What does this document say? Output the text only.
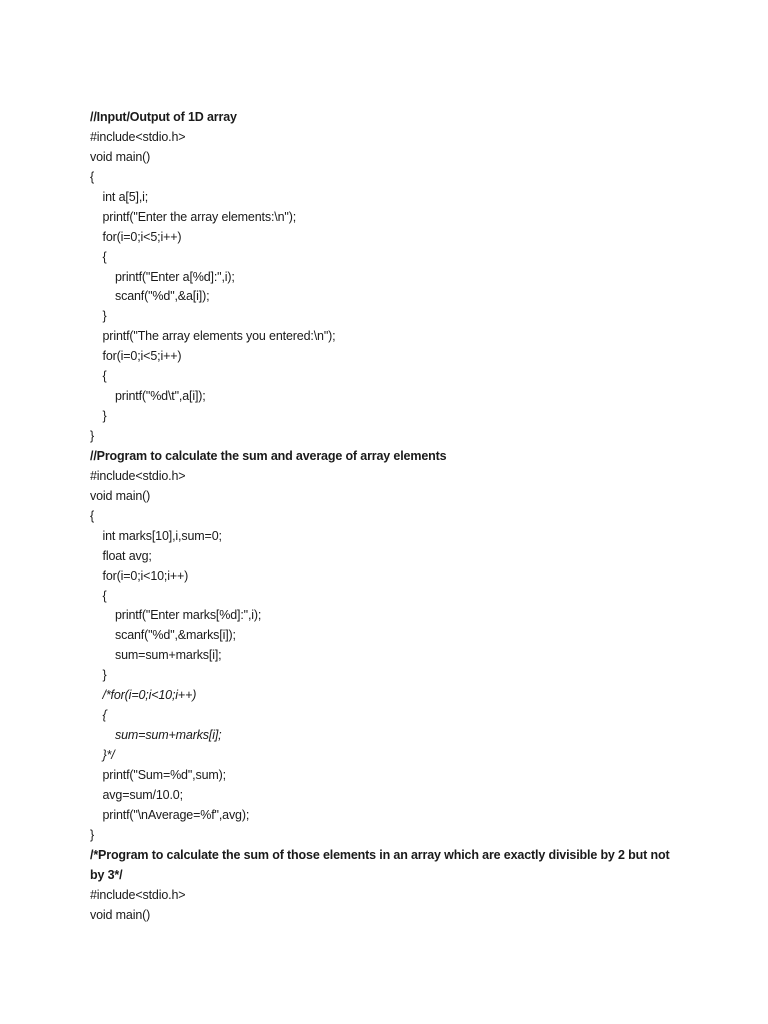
//Input/Output of 1D array
#include<stdio.h>
void main()
{
int a[5],i;
printf("Enter the array elements:\n");
for(i=0;i<5;i++)
{
printf("Enter a[%d]:",i);
scanf("%d",&a[i]);
}
printf("The array elements you entered:\n");
for(i=0;i<5;i++)
{
printf("%d\t",a[i]);
}
}
//Program to calculate the sum and average of array elements
#include<stdio.h>
void main()
{
int marks[10],i,sum=0;
float avg;
for(i=0;i<10;i++)
{
printf("Enter marks[%d]:",i);
scanf("%d",&marks[i]);
sum=sum+marks[i];
}
/*for(i=0;i<10;i++)
{
sum=sum+marks[i];
}*/
printf("Sum=%d",sum);
avg=sum/10.0;
printf("\nAverage=%f",avg);
}
/*Program to calculate the sum of those elements in an array which are exactly divisible by 2 but not by 3*/
#include<stdio.h>
void main()
